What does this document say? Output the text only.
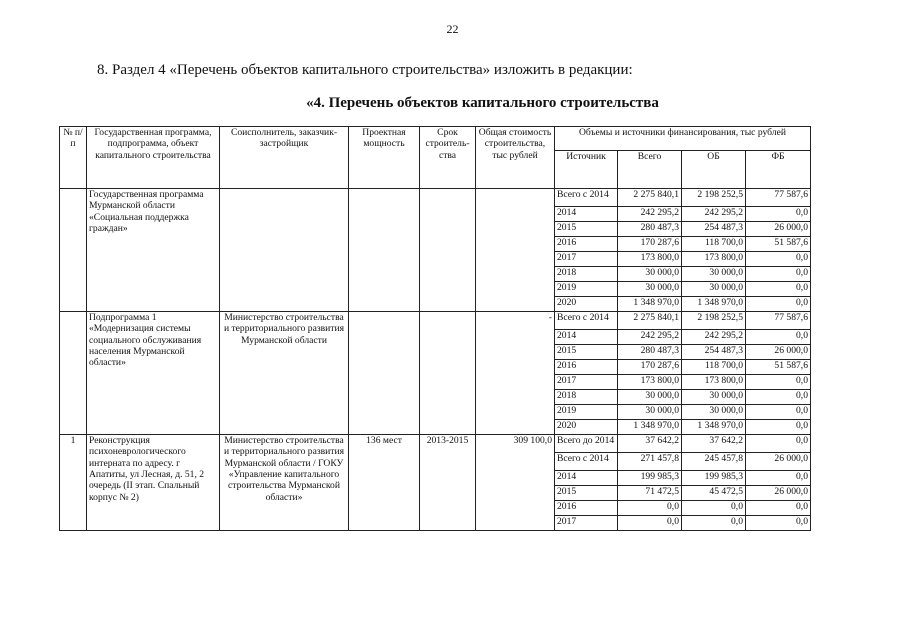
22
8. Раздел 4 «Перечень объектов капитального строительства» изложить в редакции:
«4. Перечень объектов капитального строительства
№ п/п	Государственная программа, подпрограмма, объект капитального строительства	Соисполнитель, заказчик-застройщик	Проектная мощность	Срок строитель-ства	Общая стоимость строительства, тыс рублей	Объемы и источники финансирования, тыс рублей			
						Источник	Всего	ОБ	ФБ
	Государственная программа Мурманской области «Социальная поддержка граждан»					Всего с 2014	2 275 840,1	2 198 252,5	77 587,6
						2014	242 295,2	242 295,2	0,0
						2015	280 487,3	254 487,3	26 000,0
						2016	170 287,6	118 700,0	51 587,6
						2017	173 800,0	173 800,0	0,0
						2018	30 000,0	30 000,0	0,0
						2019	30 000,0	30 000,0	0,0
						2020	1 348 970,0	1 348 970,0	0,0
	Подпрограмма 1 «Модернизация системы социального обслуживания населения Мурманской области»	Министерство строительства и территориального развития Мурманской области			-	Всего с 2014	2 275 840,1	2 198 252,5	77 587,6
						2014	242 295,2	242 295,2	0,0
						2015	280 487,3	254 487,3	26 000,0
						2016	170 287,6	118 700,0	51 587,6
						2017	173 800,0	173 800,0	0,0
						2018	30 000,0	30 000,0	0,0
						2019	30 000,0	30 000,0	0,0
						2020	1 348 970,0	1 348 970,0	0,0
1	Реконструкция психоневрологического интерната по адресу. г Апатиты, ул Лесная, д. 51, 2 очередь (II этап. Спальный корпус № 2)	Министерство строительства и территориального развития Мурманской области / ГОКУ «Управление капитального строительства Мурманской области»	136 мест	2013-2015	309 100,0	Всего до 2014	37 642,2	37 642,2	0,0
						Всего с 2014	271 457,8	245 457,8	26 000,0
						2014	199 985,3	199 985,3	0,0
						2015	71 472,5	45 472,5	26 000,0
						2016	0,0	0,0	0,0
						2017	0,0	0,0	0,0
